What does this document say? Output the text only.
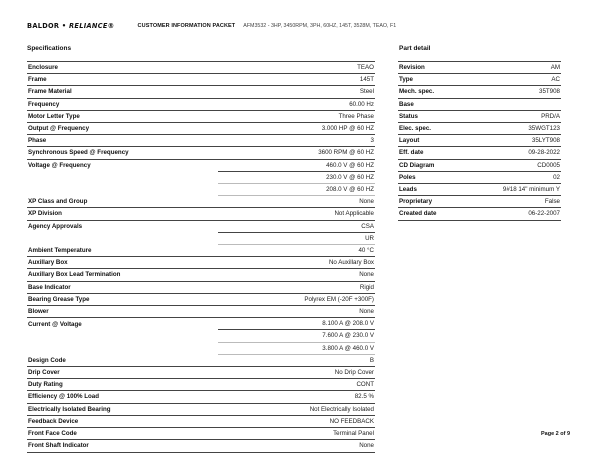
BALDOR • RELIANCE®	CUSTOMER INFORMATION PACKET AFM3532 - 3HP, 3450RPM, 3PH, 60HZ, 145T, 3528M, TEAO, F1
Specifications	Part detail
Enclosure	TEAO
Frame	145T
Frame Material	Steel
Frequency	60.00 Hz
Motor Letter Type	Three Phase
Output @ Frequency	3.000 HP @ 60 HZ
Phase	3
Synchronous Speed @ Frequency	3600 RPM @ 60 HZ
Voltage @ Frequency	460.0 V @ 60 HZ
	230.0 V @ 60 HZ
	208.0 V @ 60 HZ
XP Class and Group	None
XP Division	Not Applicable
Agency Approvals	CSA
	UR
Ambient Temperature	40 °C
Auxillary Box	No Auxillary Box
Auxillary Box Lead Termination	None
Base Indicator	Rigid
Bearing Grease Type	Polyrex EM (-20F +300F)
Blower	None
Current @ Voltage	8.100 A @ 208.0 V
	7.600 A @ 230.0 V
	3.800 A @ 460.0 V
Design Code	B
Drip Cover	No Drip Cover
Duty Rating	CONT
Efficiency @ 100% Load	82.5 %
Electrically Isolated Bearing	Not Electrically Isolated
Feedback Device	NO FEEDBACK
Front Face Code	Terminal Panel
Front Shaft Indicator	None
Revision	AM
Type	AC
Mech. spec.	35T908
Base	
Status	PRD/A
Elec. spec.	35WGT123
Layout	35LYT908
Eff. date	09-28-2022
CD Diagram	CD0005
Poles	02
Leads	9#18 14" minimum Y
Proprietary	False
Created date	06-22-2007
Page 2 of 9
